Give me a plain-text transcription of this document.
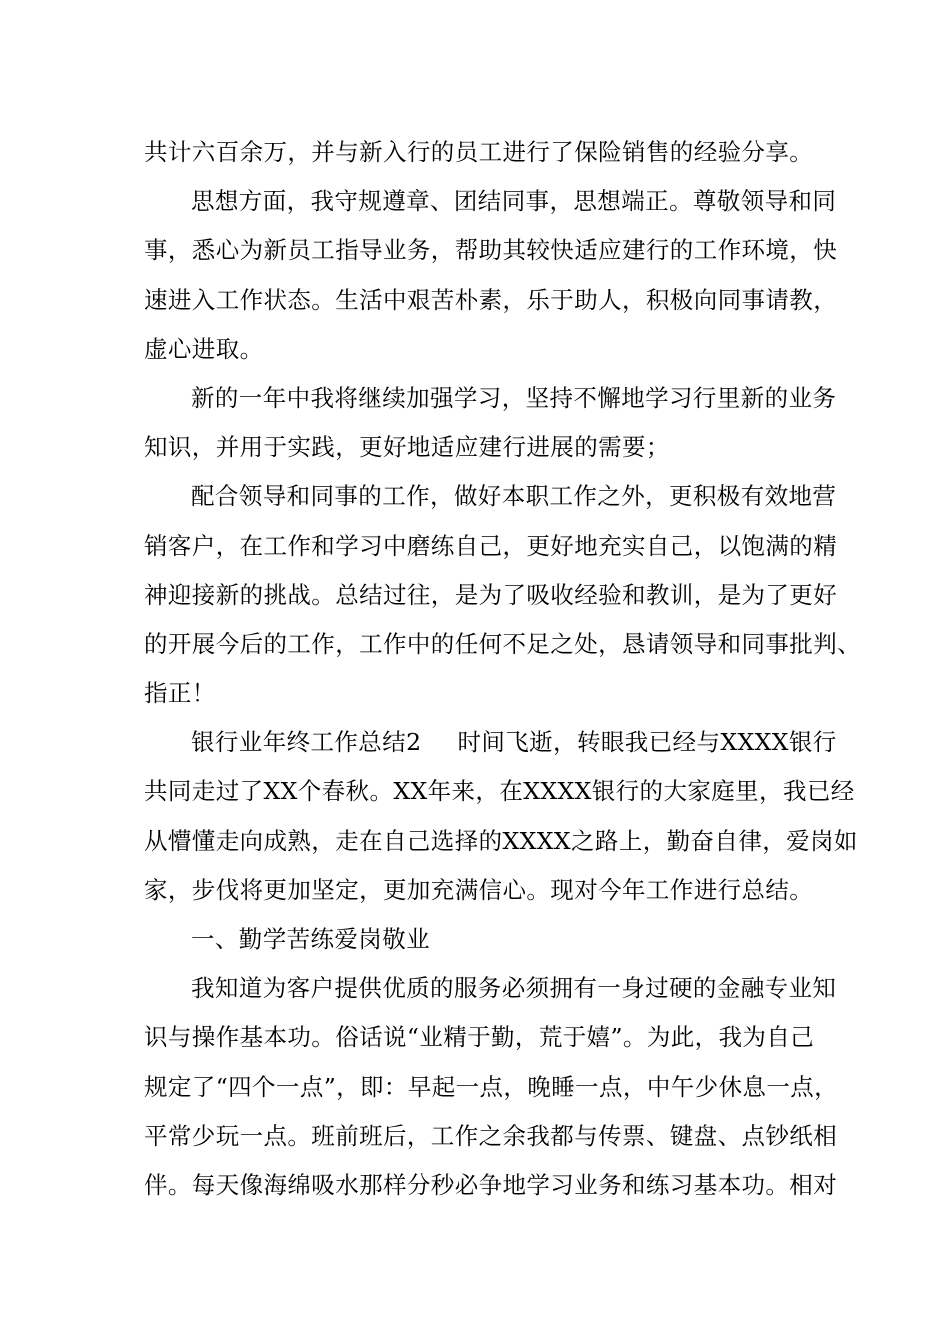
共计六百余万，并与新入行的员工进行了保险销售的经验分享。
思想方面，我守规遵章、团结同事，思想端正。尊敬领导和同
事，悉心为新员工指导业务，帮助其较快适应建行的工作环境，快
速进入工作状态。生活中艰苦朴素，乐于助人，积极向同事请教，
虚心进取。
新的一年中我将继续加强学习，坚持不懈地学习行里新的业务
知识，并用于实践，更好地适应建行进展的需要；
配合领导和同事的工作，做好本职工作之外，更积极有效地营
销客户，在工作和学习中磨练自己，更好地充实自己，以饱满的精
神迎接新的挑战。总结过往，是为了吸收经验和教训，是为了更好
的开展今后的工作，工作中的任何不足之处，恳请领导和同事批判、
指正！
银行业年终工作总结2 时间飞逝，转眼我已经与XXXX银行
共同走过了XX个春秋。XX年来，在XXXX银行的大家庭里，我已经
从懵懂走向成熟，走在自己选择的XXXX之路上，勤奋自律，爱岗如
家，步伐将更加坚定，更加充满信心。现对今年工作进行总结。
一、勤学苦练爱岗敬业
我知道为客户提供优质的服务必须拥有一身过硬的金融专业知
识与操作基本功。俗话说“业精于勤，荒于嬉”。为此，我为自己
规定了“四个一点”，即：早起一点，晚睡一点，中午少休息一点，
平常少玩一点。班前班后，工作之余我都与传票、键盘、点钞纸相
伴。每天像海绵吸水那样分秒必争地学习业务和练习基本功。相对
